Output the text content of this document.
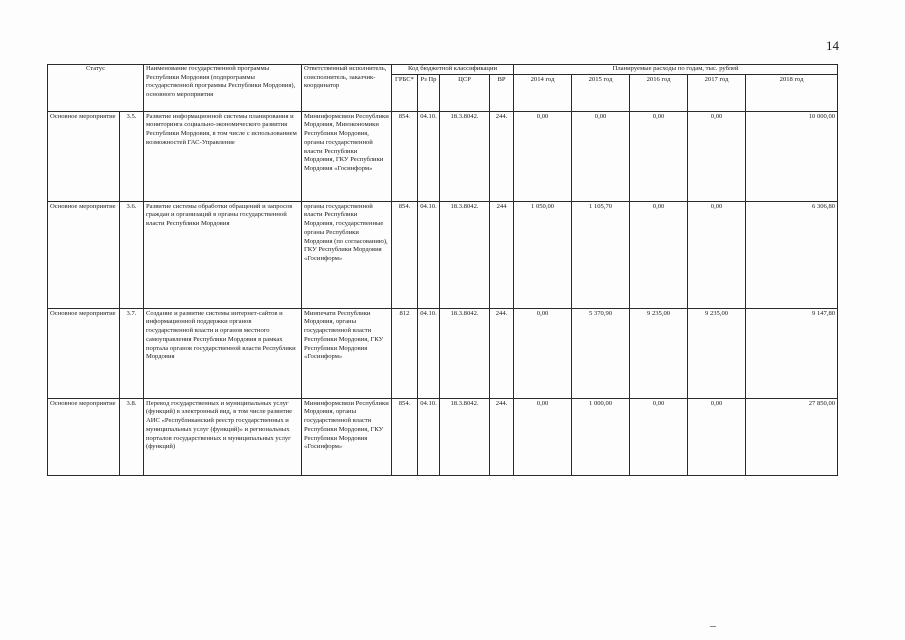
14
Статус		Наименование государственной программы Республики Мордовия (подпрограммы государственной программы Республики Мордовия), основного мероприятия	Ответственный исполнитель, соисполнитель, заказчик-координатор	Код бюджетной классификации				Планируемые расходы по годам, тыс. рублей				
				ГРБС*	Рз Пр	ЦСР	ВР	2014 год	2015 год	2016 год	2017 год	2018 год
Основное мероприятие	3.5.	Развитие информационной системы планирования и мониторинга социально-экономического развития Республики Мордовия, в том числе с использованием возможностей ГАС-Управление	Мининформсвязи Республики Мордовия, Минэкономики Республики Мордовия, органы государственной власти Республики Мордовия, ГКУ Республики Мордовия «Госинформ»	854.	04.10.	18.3.8042.	244.	0,00	0,00	0,00	0,00	10 000,00
Основное мероприятие	3.6.	Развитие системы обработки обращений и запросов граждан и организаций в органы государственной власти Республики Мордовия	органы государственной власти Республики Мордовия, государственные органы Республики Мордовия (по согласованию), ГКУ Республики Мордовия «Госинформ»	854.	04.10.	18.3.8042.	244	1 050,00	1 105,70	0,00	0,00	6 306,80
Основное мероприятие	3.7.	Создание и развитие системы интернет-сайтов и информационной поддержки органов государственной власти и органов местного самоуправления Республики Мордовия в рамках портала органов государственной власти Республики Мордовия	Минпечати Республики Мордовия, органы государственной власти Республики Мордовия, ГКУ Республики Мордовия «Госинформ»	812	04.10.	18.3.8042.	244.	0,00	5 370,90	9 235,00	9 235,00	9 147,80
Основное мероприятие	3.8.	Перевод государственных и муниципальных услуг (функций) в электронный вид, в том числе развитие АИС «Республиканский реестр государственных и муниципальных услуг (функций)» и региональных порталов государственных и муниципальных услуг (функций)	Мининформсвязи Республики Мордовия, органы государственной власти Республики Мордовия, ГКУ Республики Мордовия «Госинформ»	854.	04.10.	18.3.8042.	244.	0,00	1 000,00	0,00	0,00	27 850,00
